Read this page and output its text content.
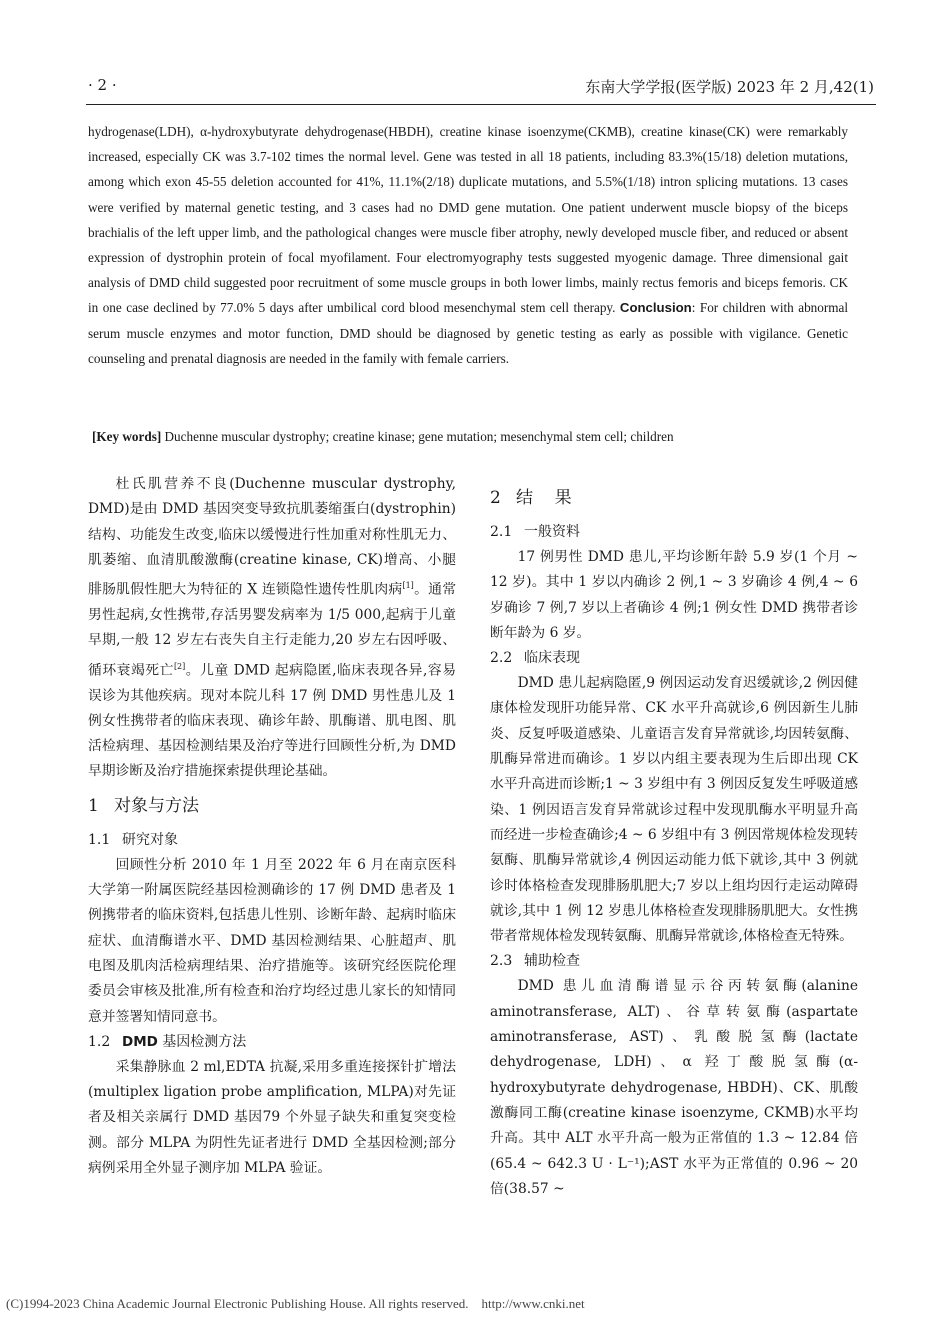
· 2 ·	东南大学学报(医学版) 2023 年 2 月,42(1)
hydrogenase(LDH), α-hydroxybutyrate dehydrogenase(HBDH), creatine kinase isoenzyme(CKMB), creatine kinase(CK) were remarkably increased, especially CK was 3.7-102 times the normal level. Gene was tested in all 18 patients, including 83.3%(15/18) deletion mutations, among which exon 45-55 deletion accounted for 41%, 11.1%(2/18) duplicate mutations, and 5.5%(1/18) intron splicing mutations. 13 cases were verified by maternal genetic testing, and 3 cases had no DMD gene mutation. One patient underwent muscle biopsy of the biceps brachialis of the left upper limb, and the pathological changes were muscle fiber atrophy, newly developed muscle fiber, and reduced or absent expression of dystrophin protein of focal myofilament. Four electromyography tests suggested myogenic damage. Three dimensional gait analysis of DMD child suggested poor recruitment of some muscle groups in both lower limbs, mainly rectus femoris and biceps femoris. CK in one case declined by 77.0% 5 days after umbilical cord blood mesenchymal stem cell therapy. Conclusion: For children with abnormal serum muscle enzymes and motor function, DMD should be diagnosed by genetic testing as early as possible with vigilance. Genetic counseling and prenatal diagnosis are needed in the family with female carriers.
[Key words] Duchenne muscular dystrophy; creatine kinase; gene mutation; mesenchymal stem cell; children

杜氏肌营养不良(Duchenne muscular dystrophy, DMD)是由 DMD 基因突变导致抗肌萎缩蛋白(dystrophin)结构、功能发生改变,临床以缓慢进行性加重对称性肌无力、肌萎缩、血清肌酸激酶(creatine kinase, CK)增高、小腿腓肠肌假性肥大为特征的 X 连锁隐性遗传性肌肉病[1]。通常男性起病,女性携带,存活男婴发病率为 1/5 000,起病于儿童早期,一般 12 岁左右丧失自主行走能力,20 岁左右因呼吸、循环衰竭死亡[2]。儿童 DMD 起病隐匿,临床表现各异,容易误诊为其他疾病。现对本院儿科 17 例 DMD 男性患儿及 1 例女性携带者的临床表现、确诊年龄、肌酶谱、肌电图、肌活检病理、基因检测结果及治疗等进行回顾性分析,为 DMD 早期诊断及治疗措施探索提供理论基础。

1 对象与方法
1.1 研究对象

回顾性分析 2010 年 1 月至 2022 年 6 月在南京医科大学第一附属医院经基因检测确诊的 17 例 DMD 患者及 1 例携带者的临床资料,包括患儿性别、诊断年龄、起病时临床症状、血清酶谱水平、DMD 基因检测结果、心脏超声、肌电图及肌肉活检病理结果、治疗措施等。该研究经医院伦理委员会审核及批准,所有检查和治疗均经过患儿家长的知情同意并签署知情同意书。

1.2 DMD 基因检测方法

采集静脉血 2 ml,EDTA 抗凝,采用多重连接探针扩增法(multiplex ligation probe amplification, MLPA)对先证者及相关亲属行 DMD 基因79 个外显子缺失和重复突变检测。部分 MLPA 为阴性先证者进行 DMD 全基因检测;部分病例采用全外显子测序加 MLPA 验证。

2 结    果
2.1 一般资料

17 例男性 DMD 患儿,平均诊断年龄 5.9 岁(1 个月 ~ 12 岁)。其中 1 岁以内确诊 2 例,1 ~ 3 岁确诊 4 例,4 ~ 6 岁确诊 7 例,7 岁以上者确诊 4 例;1 例女性 DMD 携带者诊断年龄为 6 岁。

2.2 临床表现

DMD 患儿起病隐匿,9 例因运动发育迟缓就诊,2 例因健康体检发现肝功能异常、CK 水平升高就诊,6 例因新生儿肺炎、反复呼吸道感染、儿童语言发育异常就诊,均因转氨酶、肌酶异常进而确诊。1 岁以内组主要表现为生后即出现 CK 水平升高进而诊断;1 ~ 3 岁组中有 3 例因反复发生呼吸道感染、1 例因语言发育异常就诊过程中发现肌酶水平明显升高而经进一步检查确诊;4 ~ 6 岁组中有 3 例因常规体检发现转氨酶、肌酶异常就诊,4 例因运动能力低下就诊,其中 3 例就诊时体格检查发现腓肠肌肥大;7 岁以上组均因行走运动障碍就诊,其中 1 例 12 岁患儿体格检查发现腓肠肌肥大。女性携带者常规体检发现转氨酶、肌酶异常就诊,体格检查无特殊。

2.3 辅助检查

DMD 患儿血清酶谱显示谷丙转氨酶(alanine aminotransferase, ALT)、谷草转氨酶(aspartate aminotransferase, AST)、乳酸脱氢酶(lactate dehydrogenase, LDH)、α 羟丁酸脱氢酶(α-hydroxybutyrate dehydrogenase, HBDH)、CK、肌酸激酶同工酶(creatine kinase isoenzyme, CKMB)水平均升高。其中 ALT 水平升高一般为正常值的 1.3 ~ 12.84 倍(65.4 ~ 642.3 U · L⁻¹);AST 水平为正常值的 0.96 ~ 20 倍(38.57 ~

(C)1994-2023 China Academic Journal Electronic Publishing House. All rights reserved.    http://www.cnki.net
